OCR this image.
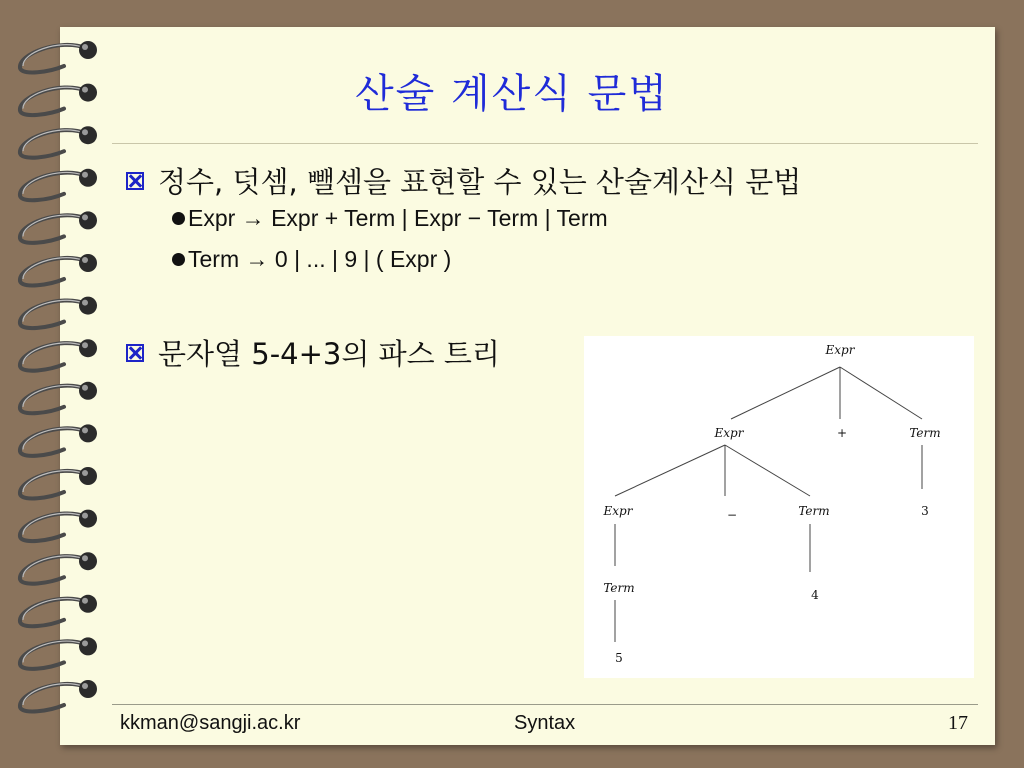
산술 계산식 문법
정수, 덧셈, 뺄셈을 표현할 수 있는 산술계산식 문법
Expr → Expr + Term | Expr − Term | Term
Term → 0 | ... | 9 | ( Expr )
문자열 5-4+3의 파스 트리	Expr
Expr	+	Term
Expr	−	Term	3
Term	4
5
kkman@sangji.ac.kr	Syntax	17
